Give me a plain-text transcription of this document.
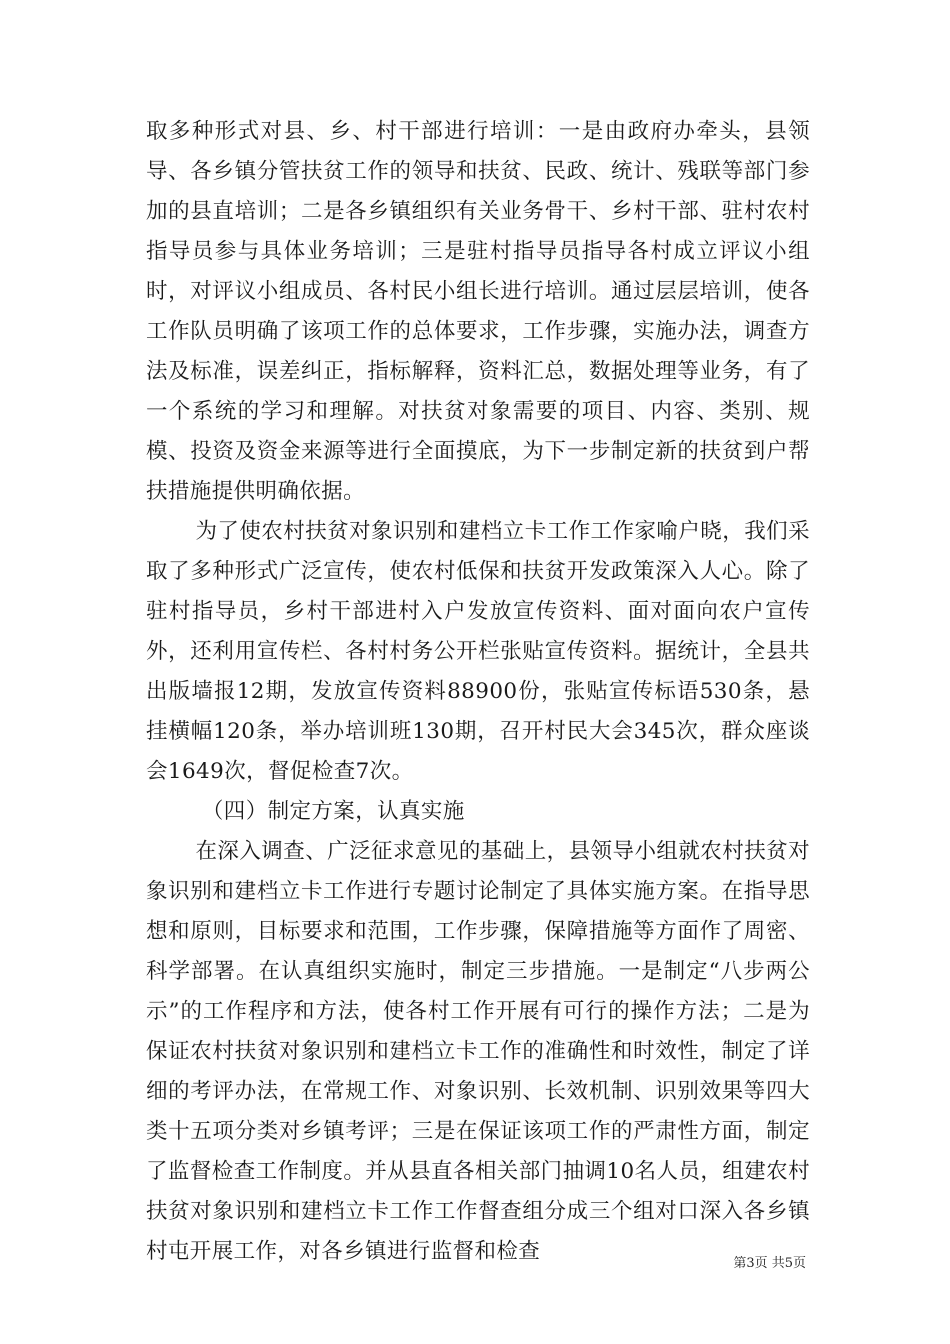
取多种形式对县、乡、村干部进行培训：一是由政府办牵头，县领导、各乡镇分管扶贫工作的领导和扶贫、民政、统计、残联等部门参加的县直培训；二是各乡镇组织有关业务骨干、乡村干部、驻村农村指导员参与具体业务培训；三是驻村指导员指导各村成立评议小组时，对评议小组成员、各村民小组长进行培训。通过层层培训，使各工作队员明确了该项工作的总体要求，工作步骤，实施办法，调查方法及标准，误差纠正，指标解释，资料汇总，数据处理等业务，有了一个系统的学习和理解。对扶贫对象需要的项目、内容、类别、规模、投资及资金来源等进行全面摸底，为下一步制定新的扶贫到户帮扶措施提供明确依据。

为了使农村扶贫对象识别和建档立卡工作工作家喻户晓，我们采取了多种形式广泛宣传，使农村低保和扶贫开发政策深入人心。除了驻村指导员，乡村干部进村入户发放宣传资料、面对面向农户宣传外，还利用宣传栏、各村村务公开栏张贴宣传资料。据统计，全县共出版墙报12期，发放宣传资料88900份，张贴宣传标语530条，悬挂横幅120条，举办培训班130期，召开村民大会345次，群众座谈会1649次，督促检查7次。

（四）制定方案，认真实施

在深入调查、广泛征求意见的基础上，县领导小组就农村扶贫对象识别和建档立卡工作进行专题讨论制定了具体实施方案。在指导思想和原则，目标要求和范围，工作步骤，保障措施等方面作了周密、科学部署。在认真组织实施时，制定三步措施。一是制定“八步两公示”的工作程序和方法，使各村工作开展有可行的操作方法；二是为保证农村扶贫对象识别和建档立卡工作的准确性和时效性，制定了详细的考评办法，在常规工作、对象识别、长效机制、识别效果等四大类十五项分类对乡镇考评；三是在保证该项工作的严肃性方面，制定了监督检查工作制度。并从县直各相关部门抽调10名人员，组建农村扶贫对象识别和建档立卡工作工作督查组分成三个组对口深入各乡镇村屯开展工作，对各乡镇进行监督和检查	第3页 共5页
